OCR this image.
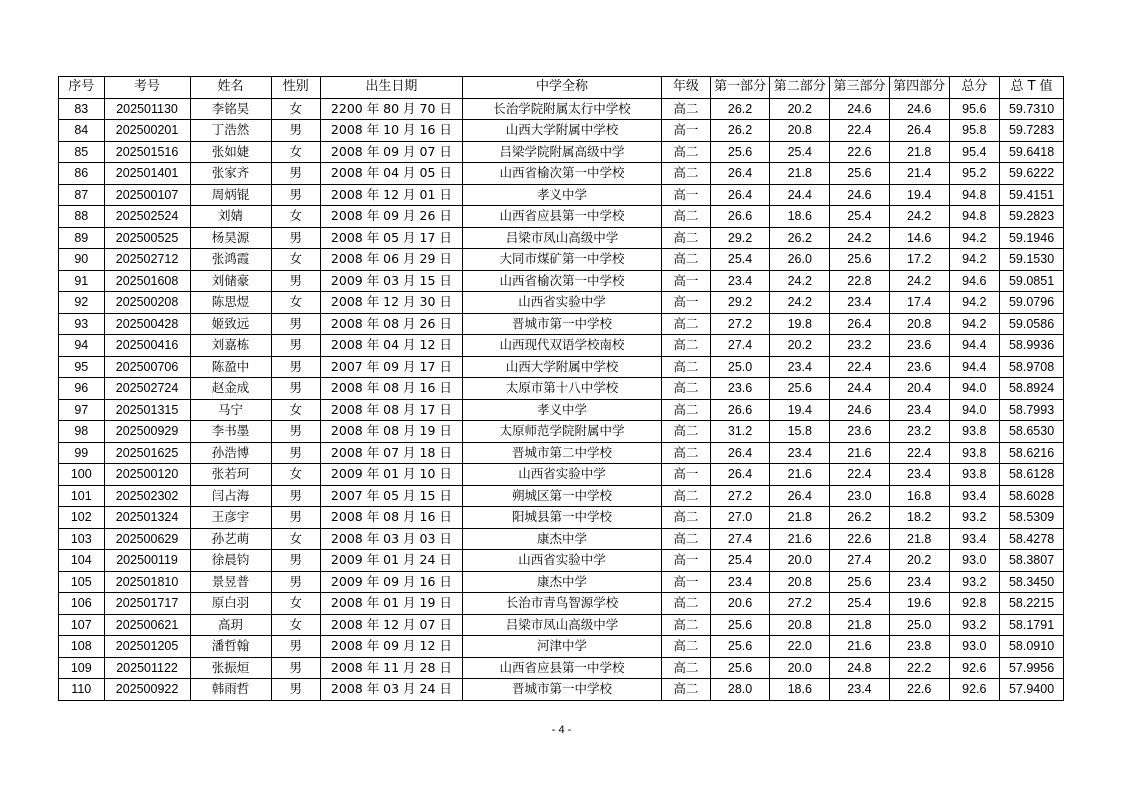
序号	考号	姓名	性别	出生日期	中学全称	年级	第一部分	第二部分	第三部分	第四部分	总分	总 T 值
83	202501130	李铭昊	女	2200 年 80 月 70 日	长治学院附属太行中学校	高二	26.2	20.2	24.6	24.6	95.6	59.7310
84	202500201	丁浩然	男	2008 年 10 月 16 日	山西大学附属中学校	高一	26.2	20.8	22.4	26.4	95.8	59.7283
85	202501516	张如婕	女	2008 年 09 月 07 日	吕梁学院附属高级中学	高二	25.6	25.4	22.6	21.8	95.4	59.6418
86	202501401	张家齐	男	2008 年 04 月 05 日	山西省榆次第一中学校	高二	26.4	21.8	25.6	21.4	95.2	59.6222
87	202500107	周炳锟	男	2008 年 12 月 01 日	孝义中学	高一	26.4	24.4	24.6	19.4	94.8	59.4151
88	202502524	刘婧	女	2008 年 09 月 26 日	山西省应县第一中学校	高二	26.6	18.6	25.4	24.2	94.8	59.2823
89	202500525	杨昊源	男	2008 年 05 月 17 日	吕梁市凤山高级中学	高二	29.2	26.2	24.2	14.6	94.2	59.1946
90	202502712	张鸿霞	女	2008 年 06 月 29 日	大同市煤矿第一中学校	高二	25.4	26.0	25.6	17.2	94.2	59.1530
91	202501608	刘储豪	男	2009 年 03 月 15 日	山西省榆次第一中学校	高一	23.4	24.2	22.8	24.2	94.6	59.0851
92	202500208	陈思煜	女	2008 年 12 月 30 日	山西省实验中学	高一	29.2	24.2	23.4	17.4	94.2	59.0796
93	202500428	姬致远	男	2008 年 08 月 26 日	晋城市第一中学校	高二	27.2	19.8	26.4	20.8	94.2	59.0586
94	202500416	刘嘉栋	男	2008 年 04 月 12 日	山西现代双语学校南校	高二	27.4	20.2	23.2	23.6	94.4	58.9936
95	202500706	陈盈中	男	2007 年 09 月 17 日	山西大学附属中学校	高二	25.0	23.4	22.4	23.6	94.4	58.9708
96	202502724	赵金成	男	2008 年 08 月 16 日	太原市第十八中学校	高二	23.6	25.6	24.4	20.4	94.0	58.8924
97	202501315	马宁	女	2008 年 08 月 17 日	孝义中学	高二	26.6	19.4	24.6	23.4	94.0	58.7993
98	202500929	李书墨	男	2008 年 08 月 19 日	太原师范学院附属中学	高二	31.2	15.8	23.6	23.2	93.8	58.6530
99	202501625	孙浩博	男	2008 年 07 月 18 日	晋城市第二中学校	高二	26.4	23.4	21.6	22.4	93.8	58.6216
100	202500120	张若珂	女	2009 年 01 月 10 日	山西省实验中学	高一	26.4	21.6	22.4	23.4	93.8	58.6128
101	202502302	闫占海	男	2007 年 05 月 15 日	朔城区第一中学校	高二	27.2	26.4	23.0	16.8	93.4	58.6028
102	202501324	王彦宇	男	2008 年 08 月 16 日	阳城县第一中学校	高二	27.0	21.8	26.2	18.2	93.2	58.5309
103	202500629	孙艺萌	女	2008 年 03 月 03 日	康杰中学	高二	27.4	21.6	22.6	21.8	93.4	58.4278
104	202500119	徐晨钧	男	2009 年 01 月 24 日	山西省实验中学	高一	25.4	20.0	27.4	20.2	93.0	58.3807
105	202501810	景昱普	男	2009 年 09 月 16 日	康杰中学	高一	23.4	20.8	25.6	23.4	93.2	58.3450
106	202501717	原白羽	女	2008 年 01 月 19 日	长治市青鸟智源学校	高二	20.6	27.2	25.4	19.6	92.8	58.2215
107	202500621	高玥	女	2008 年 12 月 07 日	吕梁市凤山高级中学	高二	25.6	20.8	21.8	25.0	93.2	58.1791
108	202501205	潘哲翰	男	2008 年 09 月 12 日	河津中学	高二	25.6	22.0	21.6	23.8	93.0	58.0910
109	202501122	张振烜	男	2008 年 11 月 28 日	山西省应县第一中学校	高二	25.6	20.0	24.8	22.2	92.6	57.9956
110	202500922	韩雨哲	男	2008 年 03 月 24 日	晋城市第一中学校	高二	28.0	18.6	23.4	22.6	92.6	57.9400
- 4 -
